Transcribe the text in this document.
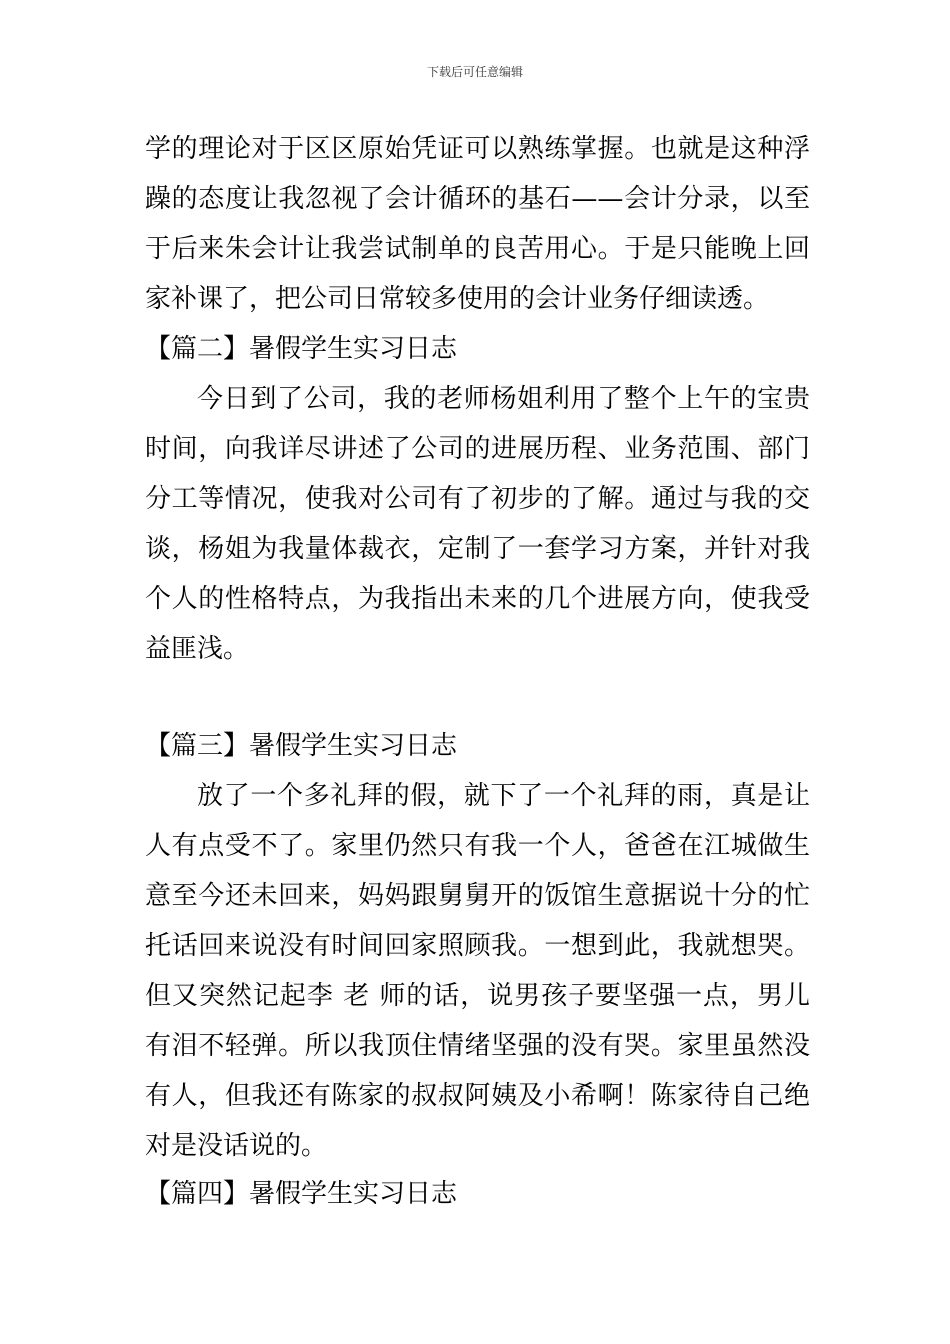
下载后可任意编辑
学的理论对于区区原始凭证可以熟练掌握。也就是这种浮
躁的态度让我忽视了会计循环的基石——会计分录，以至
于后来朱会计让我尝试制单的良苦用心。于是只能晚上回
家补课了，把公司日常较多使用的会计业务仔细读透。
【篇二】暑假学生实习日志
今日到了公司，我的老师杨姐利用了整个上午的宝贵
时间，向我详尽讲述了公司的进展历程、业务范围、部门
分工等情况，使我对公司有了初步的了解。通过与我的交
谈，杨姐为我量体裁衣，定制了一套学习方案，并针对我
个人的性格特点，为我指出未来的几个进展方向，使我受
益匪浅。
【篇三】暑假学生实习日志
放了一个多礼拜的假，就下了一个礼拜的雨，真是让
人有点受不了。家里仍然只有我一个人，爸爸在江城做生
意至今还未回来，妈妈跟舅舅开的饭馆生意据说十分的忙
托话回来说没有时间回家照顾我。一想到此，我就想哭。
但又突然记起李 老 师的话，说男孩子要坚强一点，男儿
有泪不轻弹。所以我顶住情绪坚强的没有哭。家里虽然没
有人，但我还有陈家的叔叔阿姨及小希啊！陈家待自己绝
对是没话说的。
【篇四】暑假学生实习日志
